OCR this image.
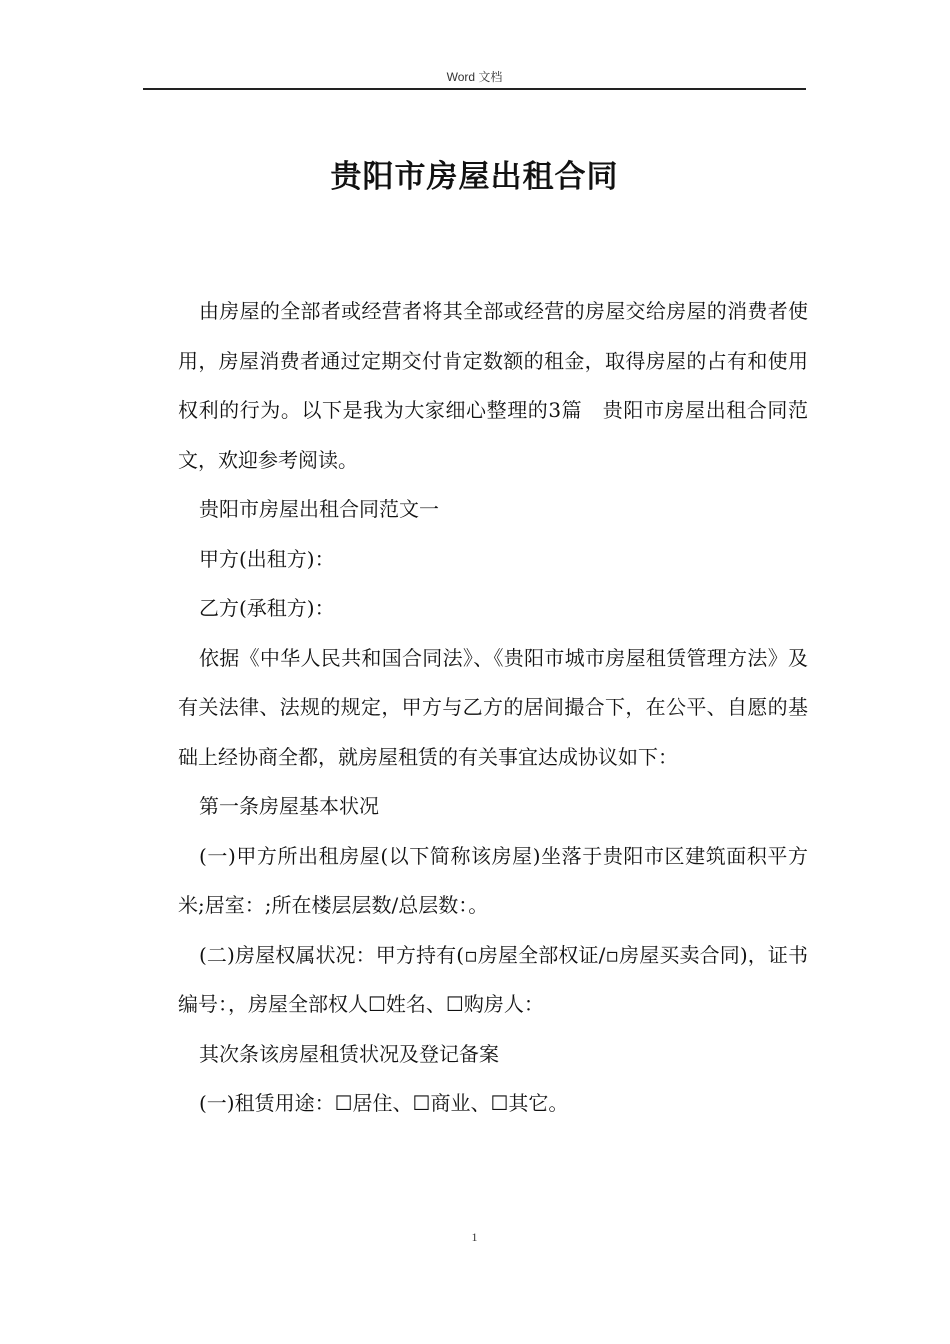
Word 文档
贵阳市房屋出租合同

由房屋的全部者或经营者将其全部或经营的房屋交给房屋的消费者使用，房屋消费者通过定期交付肯定数额的租金，取得房屋的占有和使用权利的行为。以下是我为大家细心整理的3篇　贵阳市房屋出租合同范文，欢迎参考阅读。

贵阳市房屋出租合同范文一

甲方(出租方)：

乙方(承租方)：

依据《中华人民共和国合同法》、《贵阳市城市房屋租赁管理方法》及有关法律、法规的规定，甲方与乙方的居间撮合下，在公平、自愿的基础上经协商全都，就房屋租赁的有关事宜达成协议如下：

第一条房屋基本状况

(一)甲方所出租房屋(以下简称该房屋)坐落于贵阳市区建筑面积平方米;居室：;所在楼层层数/总层数：。

(二)房屋权属状况：甲方持有(▫房屋全部权证/▫房屋买卖合同)，证书编号：，房屋全部权人☐姓名、☐购房人：

其次条该房屋租赁状况及登记备案

(一)租赁用途：☐居住、☐商业、☐其它。

1
